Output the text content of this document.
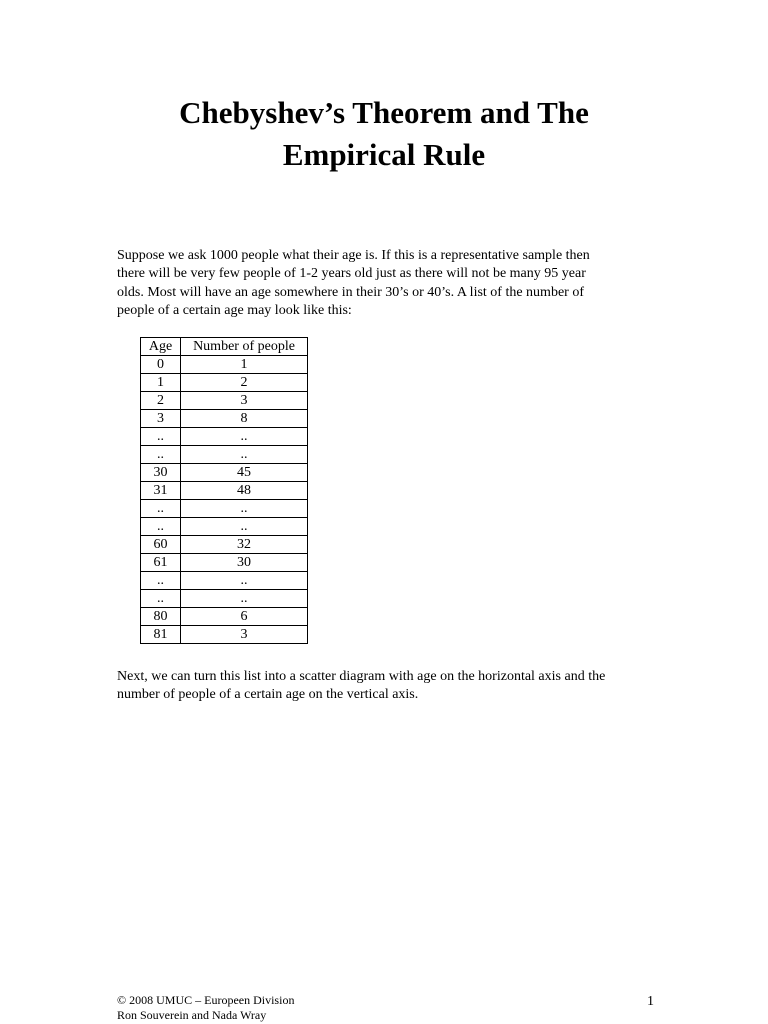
Chebyshev’s Theorem and The
Empirical Rule
Suppose we ask 1000 people what their age is. If this is a representative sample then
there will be very few people of 1-2 years old just as there will not be many 95 year
olds. Most will have an age somewhere in their 30’s or 40’s. A list of the number of
people of a certain age may look like this:
Age	Number of people
0	1
1	2
2	3
3	8
..	..
..	..
30	45
31	48
..	..
..	..
60	32
61	30
..	..
..	..
80	6
81	3
Next, we can turn this list into a scatter diagram with age on the horizontal axis and the
number of people of a certain age on the vertical axis.
© 2008 UMUC – Europeen Division
Ron Souverein and Nada Wray
1
